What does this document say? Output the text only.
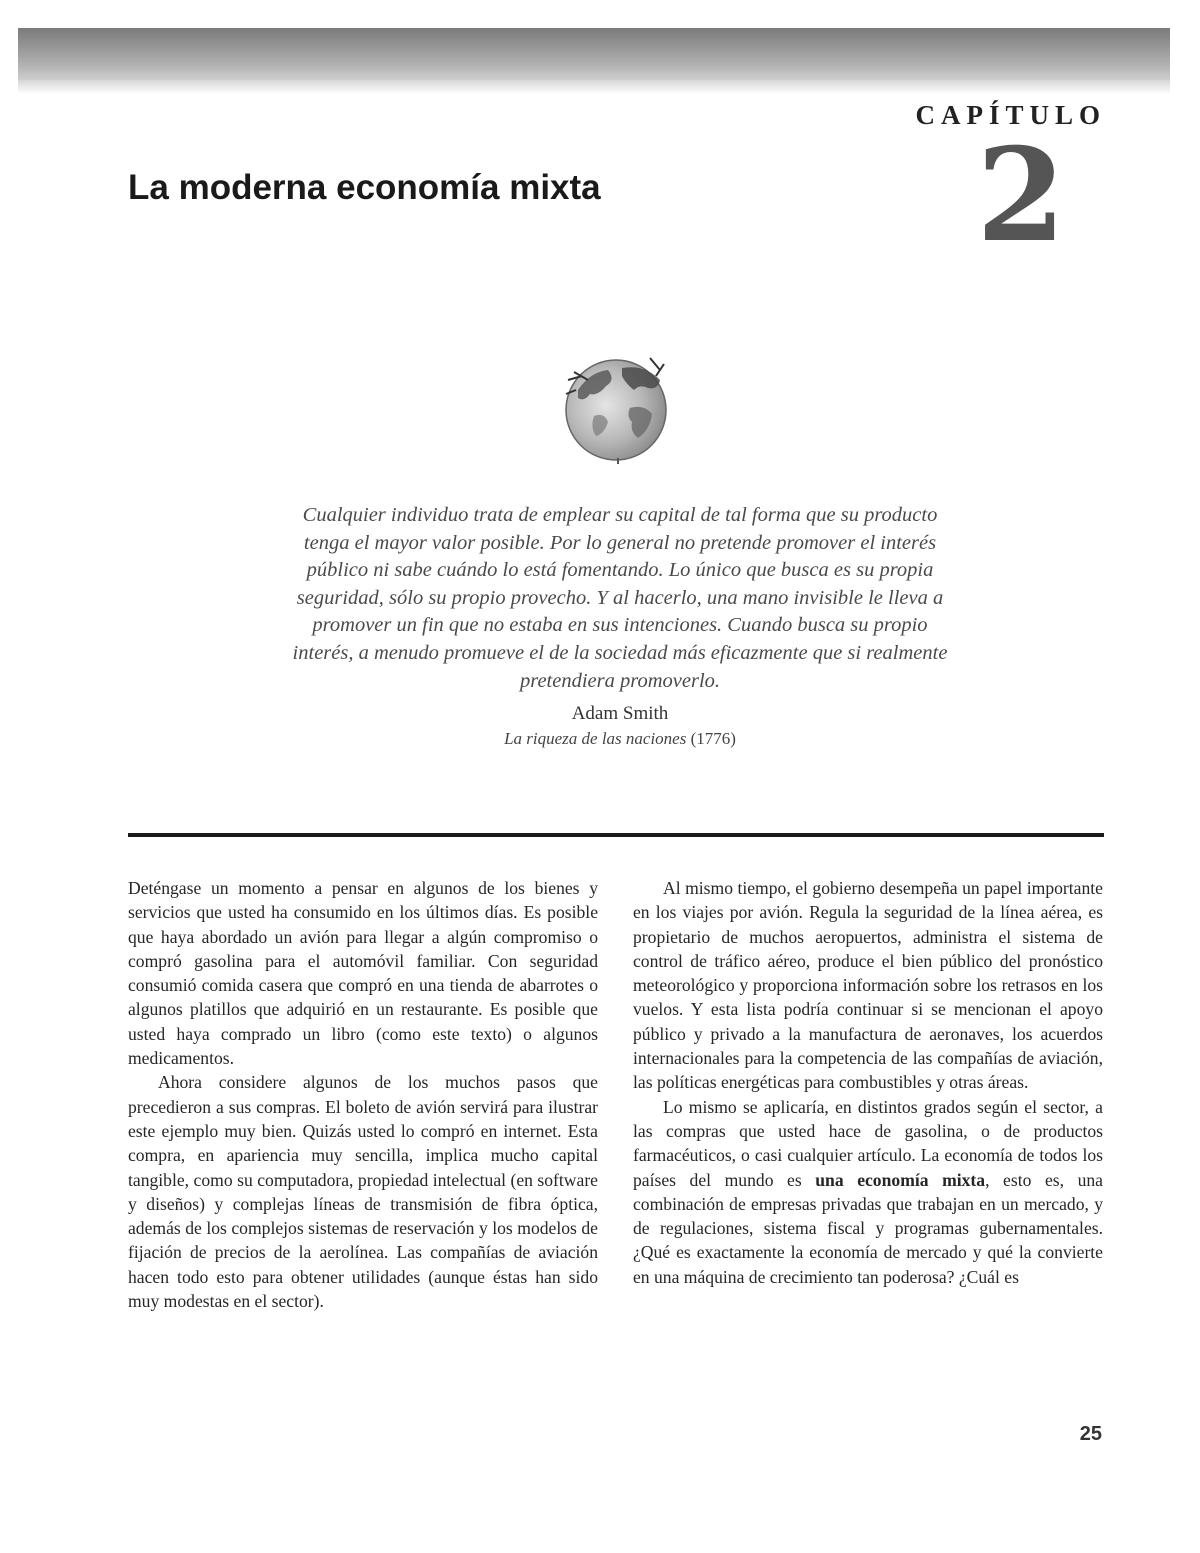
CAPÍTULO
2
La moderna economía mixta

Cualquier individuo trata de emplear su capital de tal forma que su producto tenga el mayor valor posible. Por lo general no pretende promover el interés público ni sabe cuándo lo está fomentando. Lo único que busca es su propia seguridad, sólo su propio provecho. Y al hacerlo, una mano invisible le lleva a promover un fin que no estaba en sus intenciones. Cuando busca su propio interés, a menudo promueve el de la sociedad más eficazmente que si realmente pretendiera promoverlo.

Adam Smith
La riqueza de las naciones (1776)

Deténgase un momento a pensar en algunos de los bienes y servicios que usted ha consumido en los últimos días. Es posible que haya abordado un avión para llegar a algún compromiso o compró gasolina para el automóvil familiar. Con seguridad consumió comida casera que compró en una tienda de abarrotes o algunos platillos que adquirió en un restaurante. Es posible que usted haya comprado un libro (como este texto) o algunos medicamentos.

Ahora considere algunos de los muchos pasos que precedieron a sus compras. El boleto de avión servirá para ilustrar este ejemplo muy bien. Quizás usted lo compró en internet. Esta compra, en apariencia muy sencilla, implica mucho capital tangible, como su computadora, propiedad intelectual (en software y diseños) y complejas líneas de transmisión de fibra óptica, además de los complejos sistemas de reservación y los modelos de fijación de precios de la aerolínea. Las compañías de aviación hacen todo esto para obtener utilidades (aunque éstas han sido muy modestas en el sector).

Al mismo tiempo, el gobierno desempeña un papel importante en los viajes por avión. Regula la seguridad de la línea aérea, es propietario de muchos aeropuertos, administra el sistema de control de tráfico aéreo, produce el bien público del pronóstico meteorológico y proporciona información sobre los retrasos en los vuelos. Y esta lista podría continuar si se mencionan el apoyo público y privado a la manufactura de aeronaves, los acuerdos internacionales para la competencia de las compañías de aviación, las políticas energéticas para combustibles y otras áreas.

Lo mismo se aplicaría, en distintos grados según el sector, a las compras que usted hace de gasolina, o de productos farmacéuticos, o casi cualquier artículo. La economía de todos los países del mundo es una economía mixta, esto es, una combinación de empresas privadas que trabajan en un mercado, y de regulaciones, sistema fiscal y programas gubernamentales. ¿Qué es exactamente la economía de mercado y qué la convierte en una máquina de crecimiento tan poderosa? ¿Cuál es

25
